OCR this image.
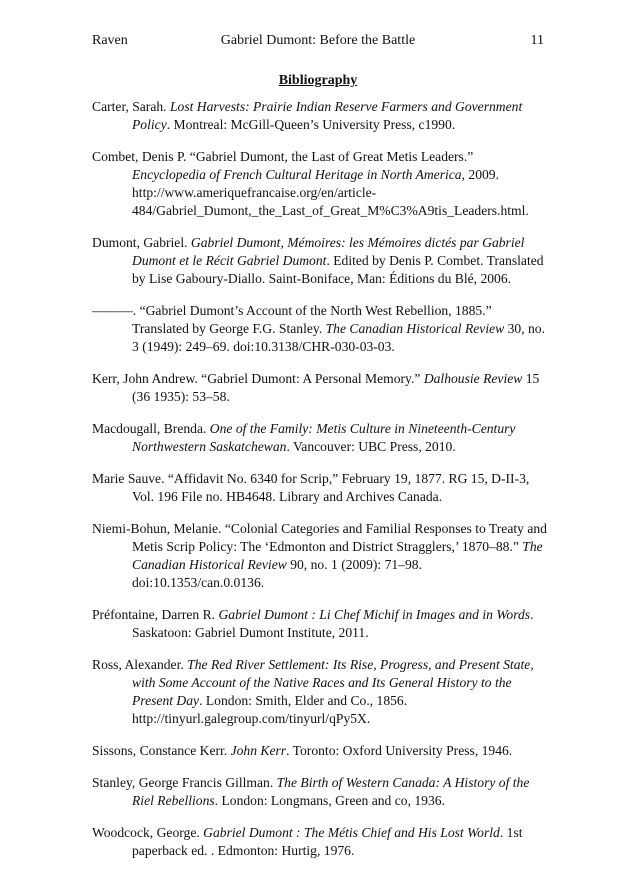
Raven	Gabriel Dumont: Before the Battle	11
Bibliography

Carter, Sarah. Lost Harvests: Prairie Indian Reserve Farmers and Government Policy. Montreal: McGill-Queen’s University Press, c1990.

Combet, Denis P. “Gabriel Dumont, the Last of Great Metis Leaders.” Encyclopedia of French Cultural Heritage in North America, 2009. http://www.ameriquefrancaise.org/en/article-484/Gabriel_Dumont,_the_Last_of_Great_M%C3%A9tis_Leaders.html.

Dumont, Gabriel. Gabriel Dumont, Mémoires: les Mémoires dictés par Gabriel Dumont et le Récit Gabriel Dumont. Edited by Denis P. Combet. Translated by Lise Gaboury-Diallo. Saint-Boniface, Man: Éditions du Blé, 2006.

———. “Gabriel Dumont’s Account of the North West Rebellion, 1885.” Translated by George F.G. Stanley. The Canadian Historical Review 30, no. 3 (1949): 249–69. doi:10.3138/CHR-030-03-03.

Kerr, John Andrew. “Gabriel Dumont: A Personal Memory.” Dalhousie Review 15 (36 1935): 53–58.

Macdougall, Brenda. One of the Family: Metis Culture in Nineteenth-Century Northwestern Saskatchewan. Vancouver: UBC Press, 2010.

Marie Sauve. “Affidavit No. 6340 for Scrip,” February 19, 1877. RG 15, D-II-3, Vol. 196 File no. HB4648. Library and Archives Canada.

Niemi-Bohun, Melanie. “Colonial Categories and Familial Responses to Treaty and Metis Scrip Policy: The ‘Edmonton and District Stragglers,’ 1870–88.” The Canadian Historical Review 90, no. 1 (2009): 71–98. doi:10.1353/can.0.0136.

Préfontaine, Darren R. Gabriel Dumont : Li Chef Michif in Images and in Words. Saskatoon: Gabriel Dumont Institute, 2011.

Ross, Alexander. The Red River Settlement: Its Rise, Progress, and Present State, with Some Account of the Native Races and Its General History to the Present Day. London: Smith, Elder and Co., 1856. http://tinyurl.galegroup.com/tinyurl/qPy5X.

Sissons, Constance Kerr. John Kerr. Toronto: Oxford University Press, 1946.

Stanley, George Francis Gillman. The Birth of Western Canada: A History of the Riel Rebellions. London: Longmans, Green and co, 1936.

Woodcock, George. Gabriel Dumont : The Métis Chief and His Lost World. 1st paperback ed. . Edmonton: Hurtig, 1976.
